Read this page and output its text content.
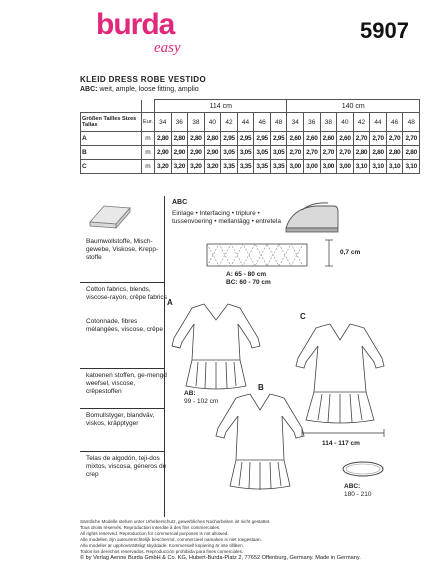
burda
easy
5907
KLEID DRESS ROBE VESTIDO
ABC: weit, ample, loose fitting, amplio
		114 cm								140 cm							
Größen Tailles Sizes Tallas	Eur.	34	36	38	40	42	44	46	48	34	36	38	40	42	44	46	48
A	m	2,80	2,80	2,80	2,80	2,95	2,95	2,95	2,95	2,60	2,60	2,60	2,60	2,70	2,70	2,70	2,70
B	m	2,90	2,90	2,90	2,90	3,05	3,05	3,05	3,05	2,70	2,70	2,70	2,70	2,80	2,80	2,80	2,80
C	m	3,20	3,20	3,20	3,20	3,35	3,35	3,35	3,35	3,00	3,00	3,00	3,00	3,10	3,10	3,10	3,10
Baumwollstoffe, Misch-gewebe, Viskose, Krepp-stoffe
Cotton fabrics, blends, viscose-rayon, crêpe fabrics
Cotonnade, fibres mélangées, viscose, crêpe
katoenen stoffen, ge-mengd weefsel, viscose, crêpestoffen
Bomullstyger, blandväv, viskos, kräpptyger
Telas de algodón, teji-dos mixtos, viscosa, géneros de crep
ABC
Einlage • Interfacing • triplure • tussenvoering • mellanlägg • entretela
0,7 cm
A: 65 - 80 cm
BC: 60 - 70 cm
A
AB:
99 - 102 cm
C
114 - 117 cm
B
ABC:
180 - 210
Sämtliche Modelle stehen unter Urheberschutz, gewerbliches Nacharbeiten ist nicht gestattet.
Tous droits réservés. Reproduction interdite à des fins commerciales.
All rights reserved. Reproduction for commercial purposes is not allowed.
Alle modellen zijn auteursrechtelijk beschermd, commercieel namaken is niet toegestaan.
Alla modeller är upphovsrättsligt skyddade. Kommersiell kopiering är inte tillåten.
Todos los derechos reservados. Reproducción prohibida para fines comerciales.
© by Verlag Aenne Burda GmbH & Co. KG, Hubert-Burda-Platz 2, 77652 Offenburg, Germany. Made in Germany.
